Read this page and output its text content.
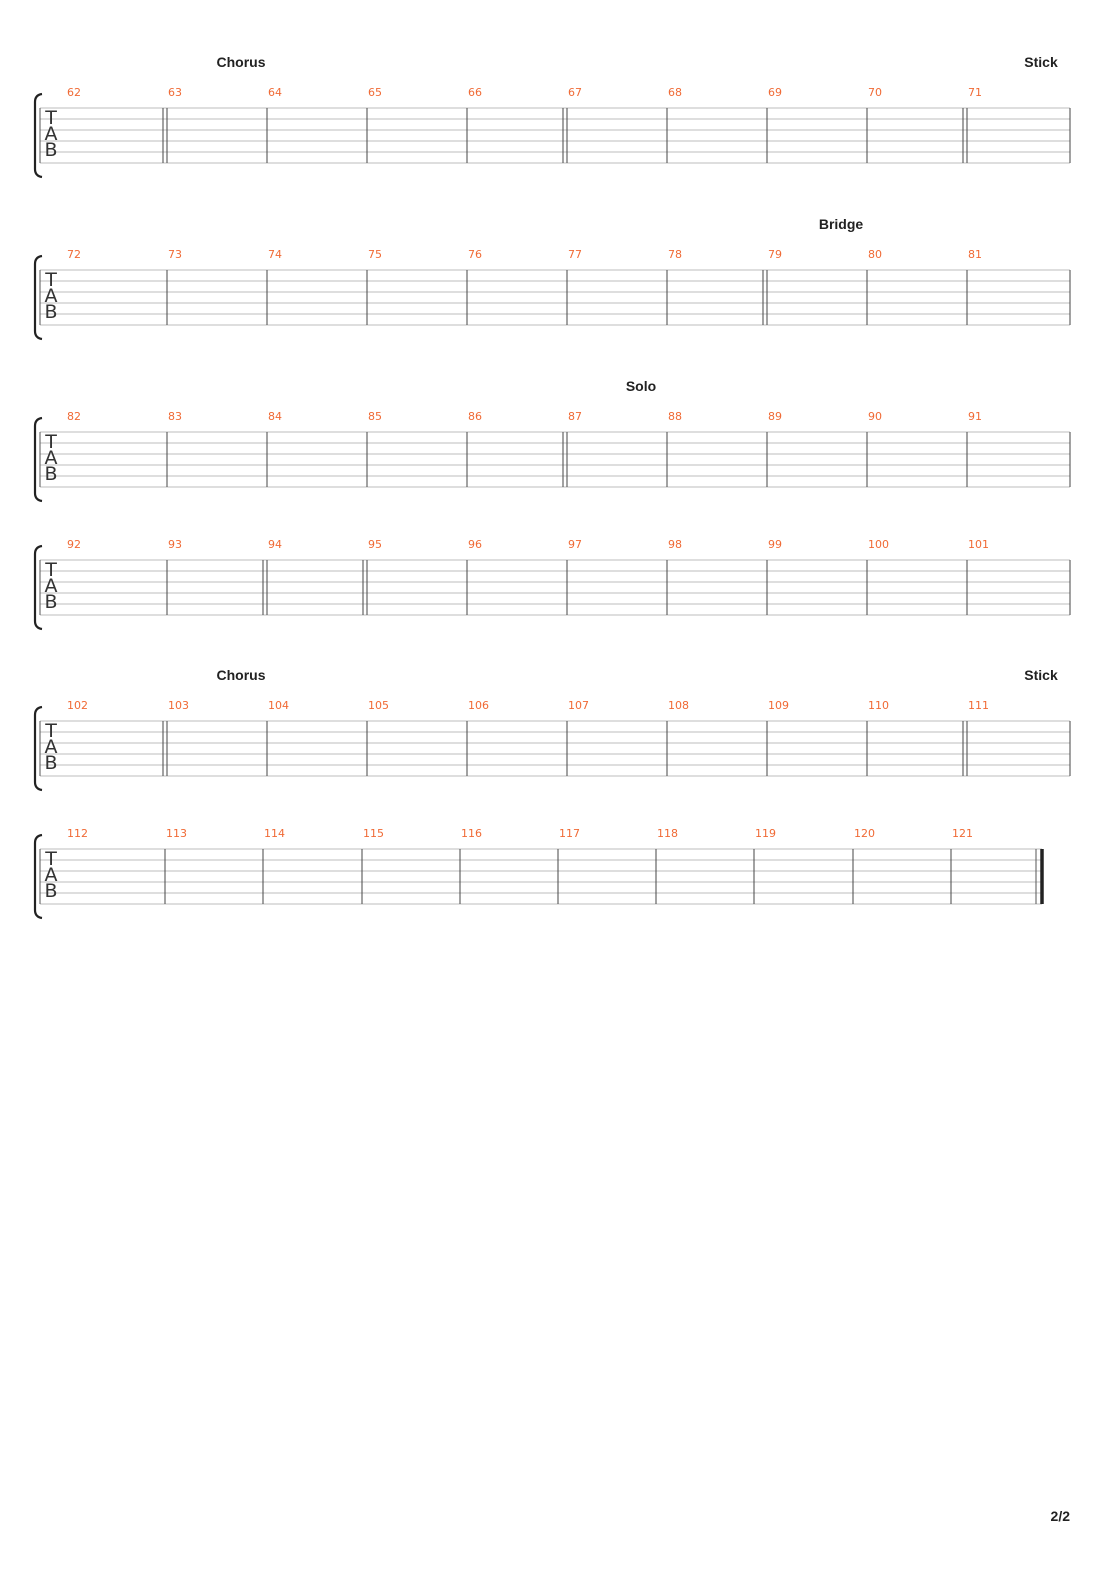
T
A
B
62	63
Chorus
64	65	66	67	68	69	70	71
Stick
T
A
B
72	73	74	75	76	77	78	79
Bridge
80	81
T
A
B
82	83	84	85	86	87
Solo
88	89	90	91
T
A
B
92	93	94	95	96	97	98	99	100	101
T
A
B
102	103
Chorus
104	105	106	107	108	109	110	111
Stick
T
A
B
112	113	114	115	116	117	118	119	120	121
2/2
